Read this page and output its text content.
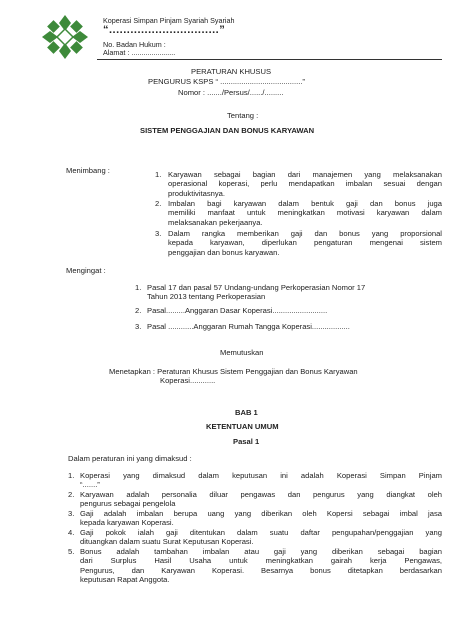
Koperasi Simpan Pinjam Syariah Syariah
“...............................”
No. Badan Hukum :
Alamat : ......................
PERATURAN KHUSUS
PENGURUS KSPS “ .......................................”
Nomor : ......./Persus/....../.........
Tentang :
SISTEM PENGGAJIAN DAN BONUS KARYAWAN
Menimbang :	1. Karyawan sebagai bagian dari manajemen yang melaksanakan
operasional koperasi, perlu mendapatkan imbalan sesuai dengan
produktivitasnya.
2. Imbalan bagi karyawan dalam bentuk gaji dan bonus juga
memiliki manfaat untuk meningkatkan motivasi karyawan dalam
melaksanakan pekerjaanya.
3. Dalam rangka memberikan gaji dan bonus yang proporsional
kepada karyawan, diperlukan pengaturan mengenai sistem
penggajian dan bonus karyawan.
Mengingat :
1. Pasal 17 dan pasal 57 Undang-undang Perkoperasian Nomor 17
Tahun 2013 tentang Perkoperasian
2. Pasal.........Anggaran Dasar Koperasi..........................
3. Pasal ............Anggaran Rumah Tangga Koperasi..................
Memutuskan
Menetapkan : Peraturan Khusus Sistem Penggajian dan Bonus Karyawan
Koperasi............
BAB 1
KETENTUAN UMUM
Pasal 1
Dalam peraturan ini yang dimaksud :
1. Koperasi yang dimaksud dalam keputusan ini adalah Koperasi Simpan Pinjam
“.......”
2. Karyawan adalah personalia diluar pengawas dan pengurus yang diangkat oleh
pengurus sebagai pengelola
3. Gaji adalah imbalan berupa uang yang diberikan oleh Kopersi sebagai imbal jasa
kepada karyawan Koperasi.
4. Gaji pokok ialah gaji ditentukan dalam suatu daftar pengupahan/penggajian yang
dituangkan dalam suatu Surat Keputusan Koperasi.
5. Bonus adalah tambahan imbalan atau gaji yang diberikan sebagai bagian
dari Surplus Hasil Usaha untuk meningkatkan gairah kerja Pengawas,
Pengurus, dan Karyawan Koperasi. Besarnya bonus ditetapkan berdasarkan
keputusan Rapat Anggota.
